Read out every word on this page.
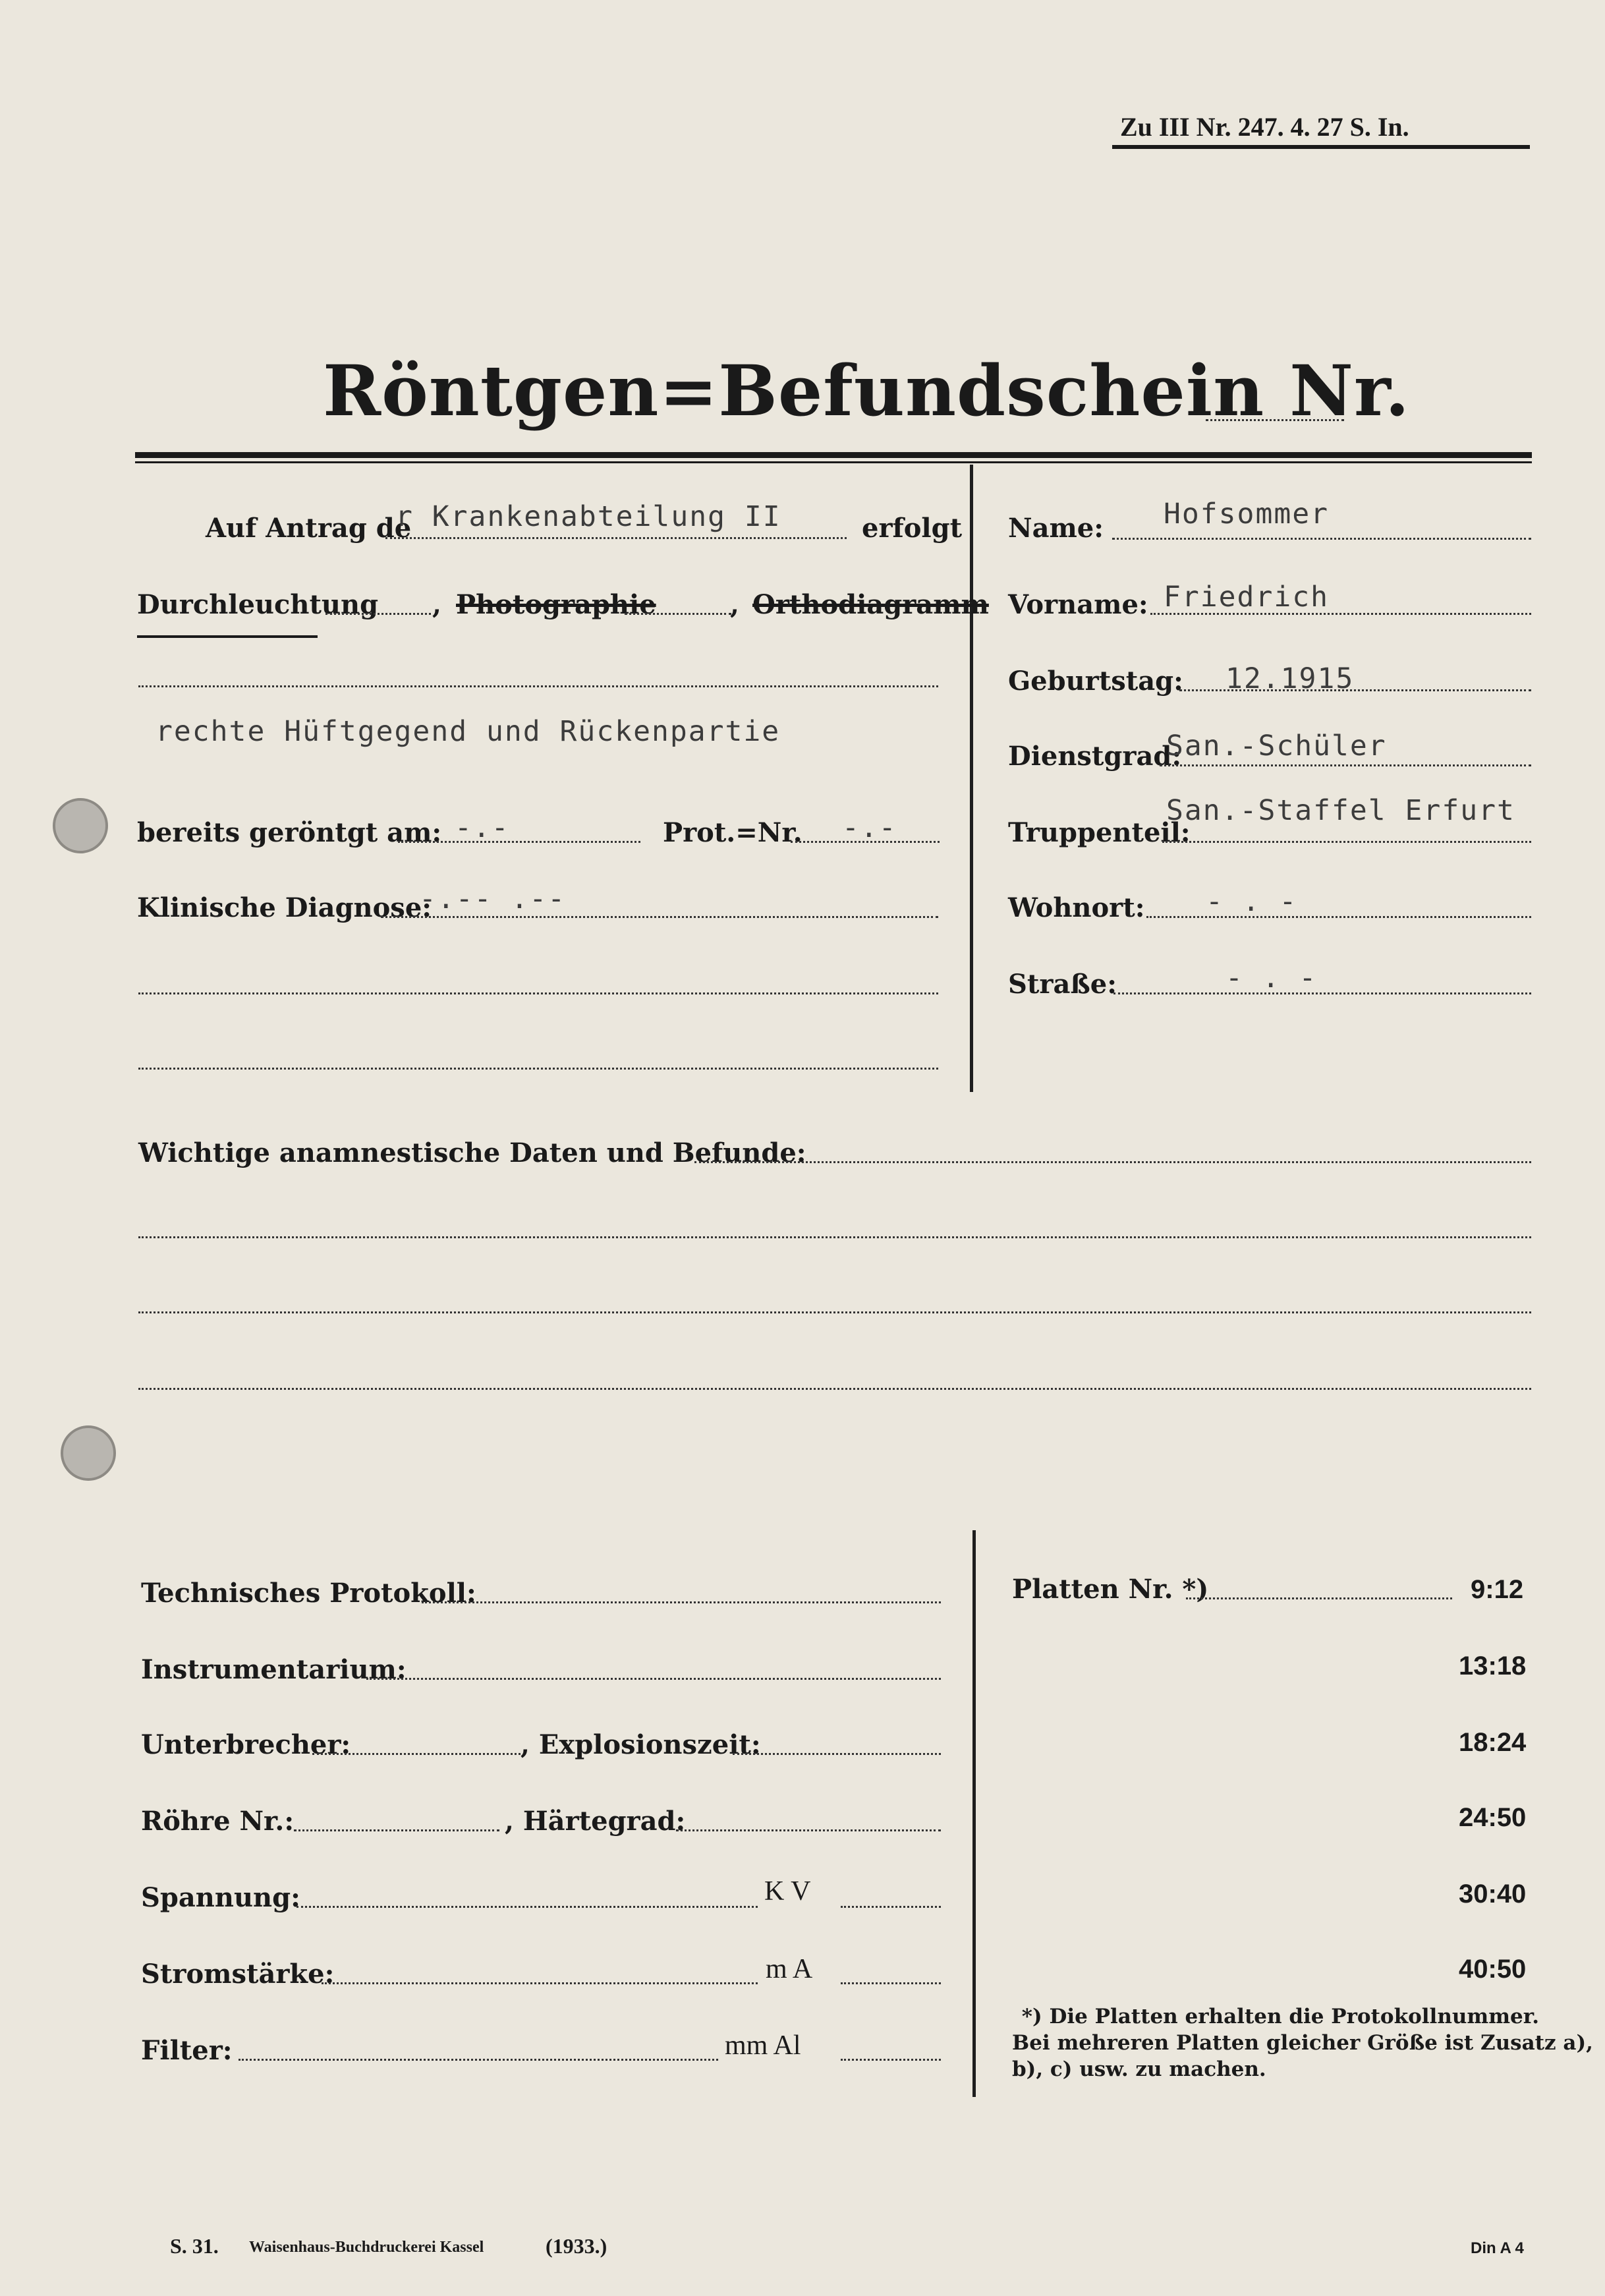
Zu III Nr. 247. 4. 27 S. In.
Röntgen=Befundschein Nr.
Auf Antrag de
r Krankenabteilung II	erfolgt
Durchleuchtung , Photographie	, Orthodiagramm
rechte Hüftgegend und Rückenpartie
bereits geröntgt am: -.-	Prot.=Nr. -.-
Klinische Diagnose:
-.-- .--
Name: Hofsommer
Vorname: Friedrich
Geburtstag: 12.1915
Dienstgrad:
San.-Schüler
Truppenteil:
San.-Staffel Erfurt
Wohnort: - . -
Straße:	- . -
Wichtige anamnestische Daten und Befunde:
Technisches Protokoll:
Instrumentarium:
Unterbrecher:	, Explosionszeit:
Röhre Nr.:	, Härtegrad:
Spannung:	K V
Stromstärke:	m A
Filter:	mm Al
Platten Nr. *)	9:12
13:18
18:24
24:50
30:40
40:50
*) Die Platten erhalten die Protokollnummer.
Bei mehreren Platten gleicher Größe ist Zusatz a),
b), c) usw. zu machen.
S. 31. Waisenhaus-Buchdruckerei Kassel	(1933.)	Din A 4
